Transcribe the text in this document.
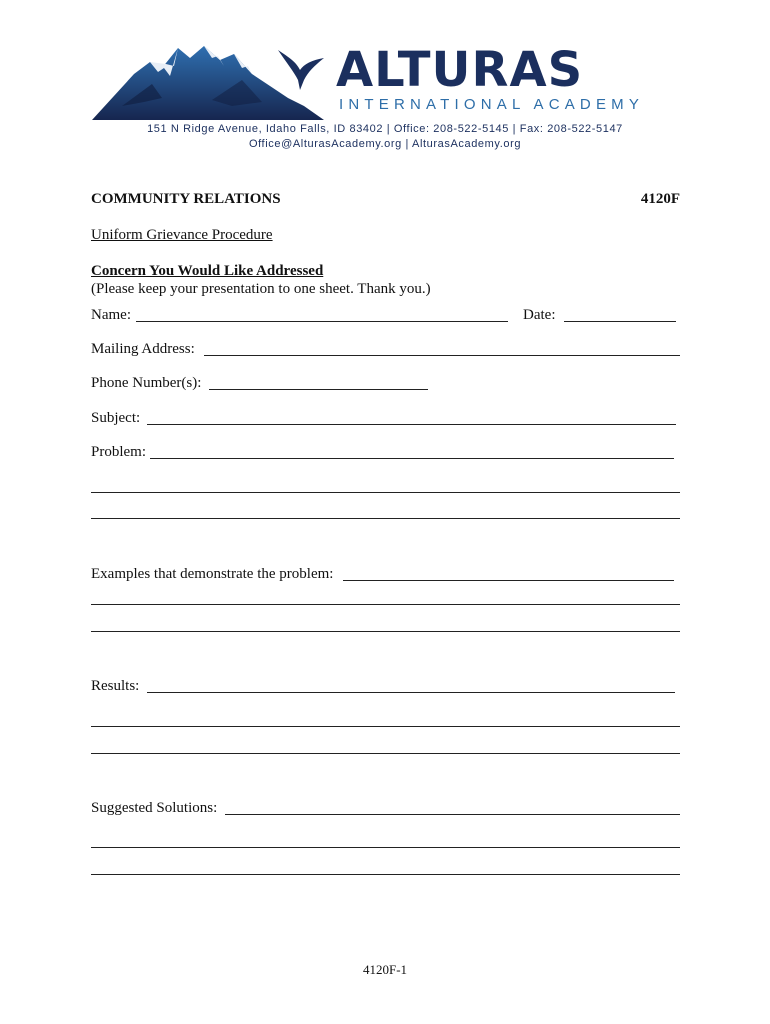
ALTURAS
INTERNATIONAL ACADEMY
151 N Ridge Avenue, Idaho Falls, ID 83402 | Office: 208-522-5145 | Fax: 208-522-5147
Office@AlturasAcademy.org | AlturasAcademy.org
COMMUNITY RELATIONS	4120F
Uniform Grievance Procedure
Concern You Would Like Addressed
(Please keep your presentation to one sheet. Thank you.)
Name:	Date:
Mailing Address:
Phone Number(s):
Subject:
Problem:
Examples that demonstrate the problem:
Results:
Suggested Solutions:
4120F-1
